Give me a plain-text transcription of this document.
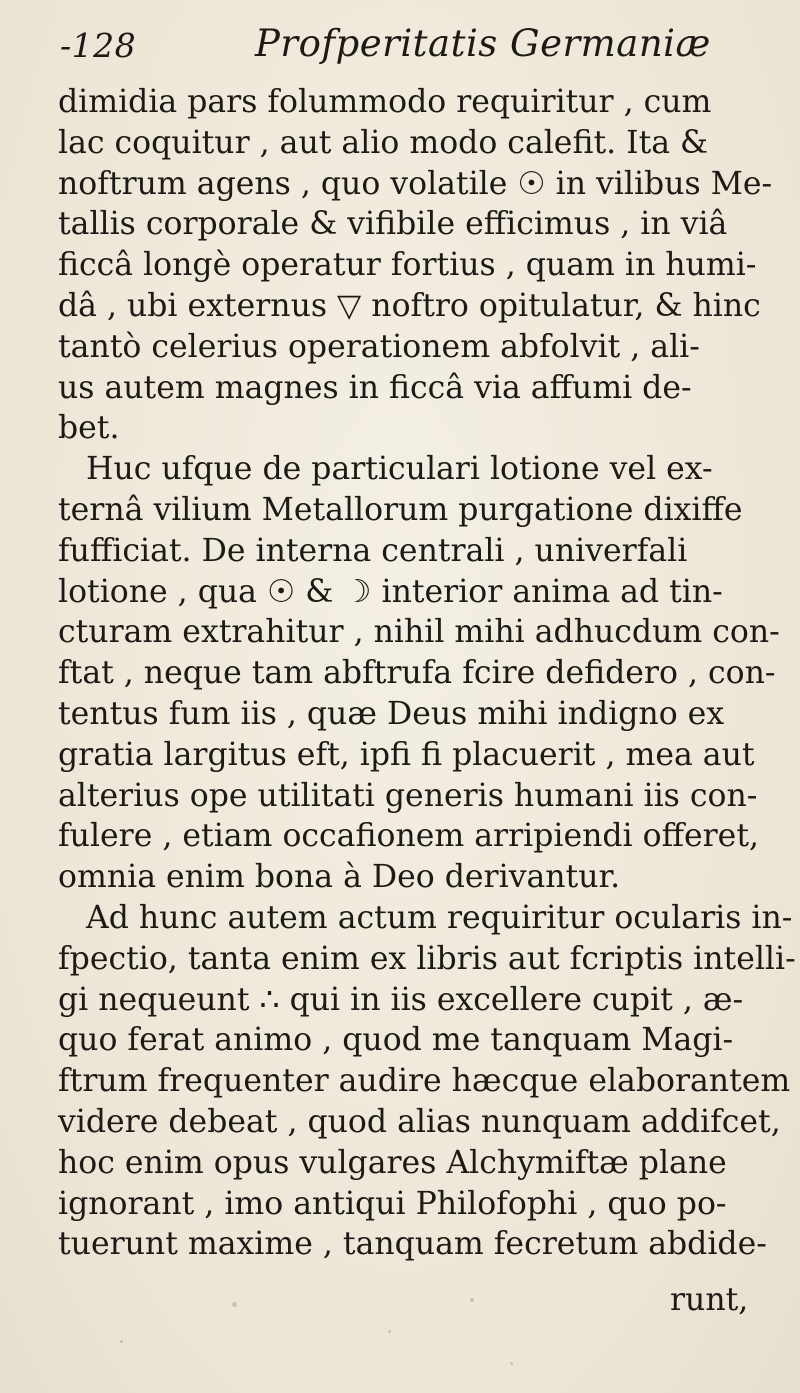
-128	Profperitatis Germaniæ
dimidia pars folummodo requiritur , cum
lac coquitur , aut alio modo calefit. Ita &
noftrum agens , quo volatile ☉ in vilibus Me-
tallis corporale & vifibile efficimus , in viâ
ficcâ longè operatur fortius , quam in humi-
dâ , ubi externus ▽ noftro opitulatur, & hinc
tantò celerius operationem abfolvit , ali-
us autem magnes in ficcâ via affumi de-
bet.
Huc ufque de particulari lotione vel ex-
ternâ vilium Metallorum purgatione dixiffe
fufficiat. De interna centrali , univerfali
lotione , qua ☉ & ☽ interior anima ad tin-
cturam extrahitur , nihil mihi adhucdum con-
ftat , neque tam abftrufa fcire defidero , con-
tentus fum iis , quæ Deus mihi indigno ex
gratia largitus eft, ipfi fi placuerit , mea aut
alterius ope utilitati generis humani iis con-
fulere , etiam occafionem arripiendi offeret,
omnia enim bona à Deo derivantur.
Ad hunc autem actum requiritur ocularis in-
fpectio, tanta enim ex libris aut fcriptis intelli-
gi nequeunt ∴ qui in iis excellere cupit , æ-
quo ferat animo , quod me tanquam Magi-
ftrum frequenter audire hæcque elaborantem
videre debeat , quod alias nunquam addifcet,
hoc enim opus vulgares Alchymiftæ plane
ignorant , imo antiqui Philofophi , quo po-
tuerunt maxime , tanquam fecretum abdide-
runt,
